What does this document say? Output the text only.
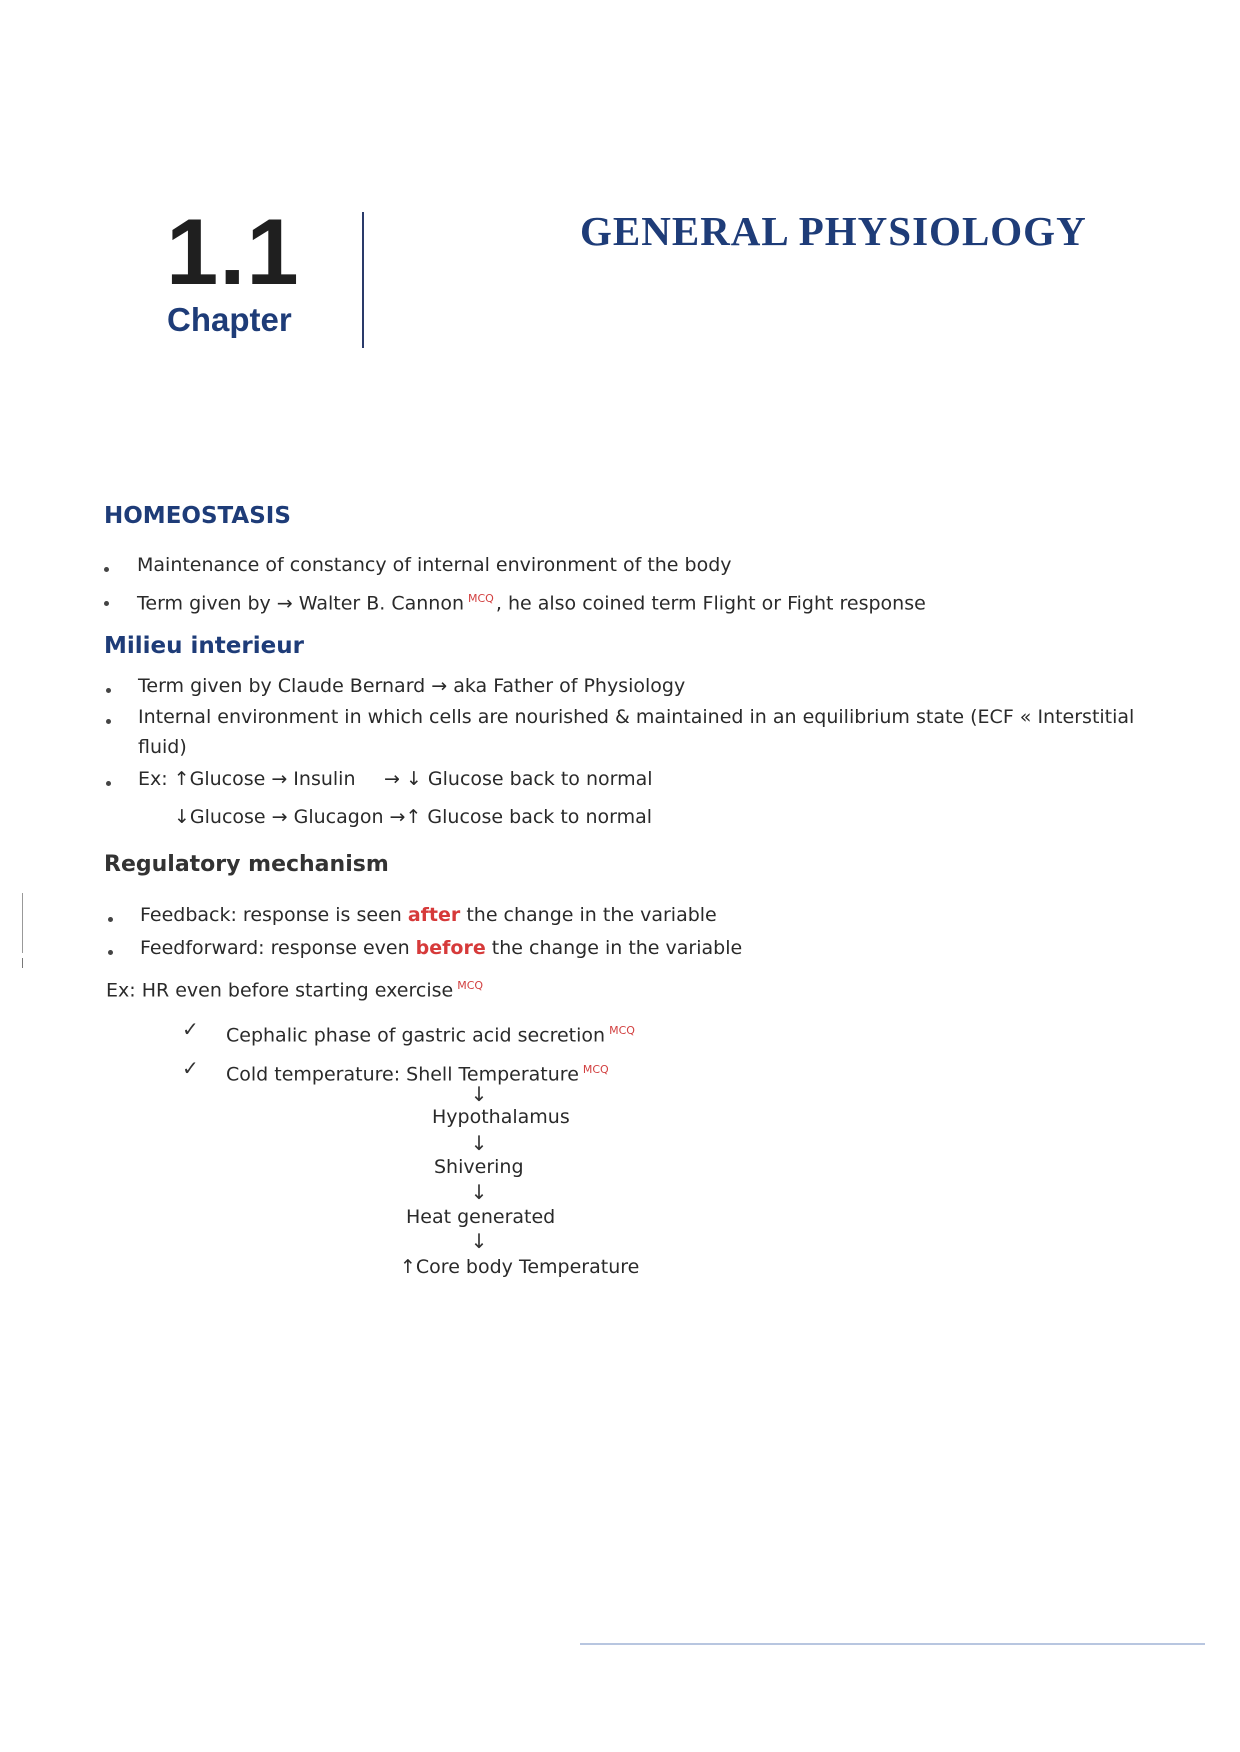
1.1
Chapter
GENERAL PHYSIOLOGY
HOMEOSTASIS
Maintenance of constancy of internal environment of the body
Term given by → Walter B. Cannon $^{MCQ}$ , he also coined term Flight or Fight response
Milieu interieur
Term given by Claude Bernard → aka Father of Physiology
Internal environment in which cells are nourished & maintained in an equilibrium state (ECF « Interstitial
fluid)
Ex: ↑Glucose → Insulin → ↓ Glucose back to normal
↓Glucose → Glucagon →↑ Glucose back to normal
Regulatory mechanism
Feedback: response is seen after the change in the variable
Feedforward: response even before the change in the variable
Ex: HR even before starting exercise $^{MCQ}$
✓ Cephalic phase of gastric acid secretion $^{MCQ}$
✓ Cold temperature: Shell Temperature $^{MCQ}$
↓
Hypothalamus
↓
Shivering
↓
Heat generated
↓
↑Core body Temperature
